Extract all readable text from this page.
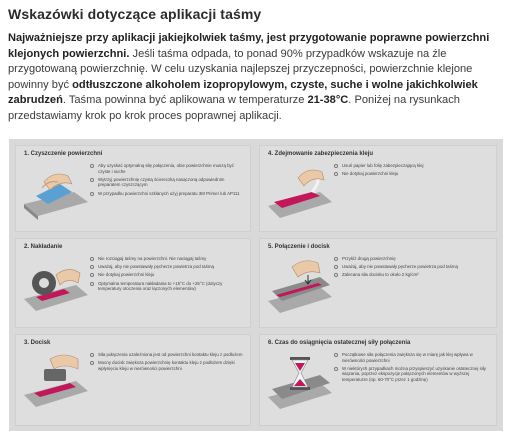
Wskazówki dotyczące aplikacji taśmy
Najważniejsze przy aplikacji jakiejkolwiek taśmy, jest przygotowanie poprawne powierzchni klejonych powierzchni. Jeśli taśma odpada, to ponad 90% przypadków wskazuje na źle przygotowaną powierzchnię. W celu uzyskania najlepszej przyczepności, powierzchnie klejone powinny być odtłuszczone alkoholem izopropylowym, czyste, suche i wolne jakichkolwiek zabrudzeń. Taśma powinna być aplikowana w temperaturze 21-38°C. Poniżej na rysunkach przedstawiamy krok po krok proces poprawnej aplikacji.
1. Czyszczenie powierzchni
Aby uzyskać optymalną siłę połączenia, obie powierzchnie muszą być czyste i suche
Wytrzyj powierzchnię czystą ściereczką nasączoną odpowiednim preparatem czyszczącym
W przypadku powierzchni szklanych użyj preparatu 3M Primer lub AP111
4. Zdejmowanie zabezpieczenia kleju
Usuń papier lub folię zabezpieczającą klej
Nie dotykaj powierzchni kleju
2. Nakładanie
Nie rozciągaj taśmy na powierzchni. Nie naciągaj taśmy
Uważaj, aby nie powstawały pęcherze powietrza pod taśmą
Nie dotykaj powierzchni kleju
Optymalna temperatura nakładania to +15°C do +25°C (dotyczy temperatury otoczenia oraz łączonych elementów)
5. Połączenie i docisk
Przyłóż drugą powierzchnię
Uważaj, aby nie powstawały pęcherze powietrza pod taśmą
Zalecana siła docisku to około 2 kg/cm²
3. Docisk
Siła połączenia uzależniona jest od powierzchni kontaktu kleju z podłożem
Mocny docisk zwiększa powierzchnię kontaktu kleju z podłożem dzięki wpłynięciu kleju w nierówności powierzchni
6. Czas do osiągnięcia ostatecznej siły połączenia
Początkowe siła połączenia zwiększa się w miarę jak klej wpływa w nierówności powierzchni
W niektórych przypadkach można przyspieszyć uzyskanie ostatecznej siły wiązania, poprzez ekspozycje połączonych elementów w wyższej temperaturze (np. 60-70°C przez 1 godzinę)
